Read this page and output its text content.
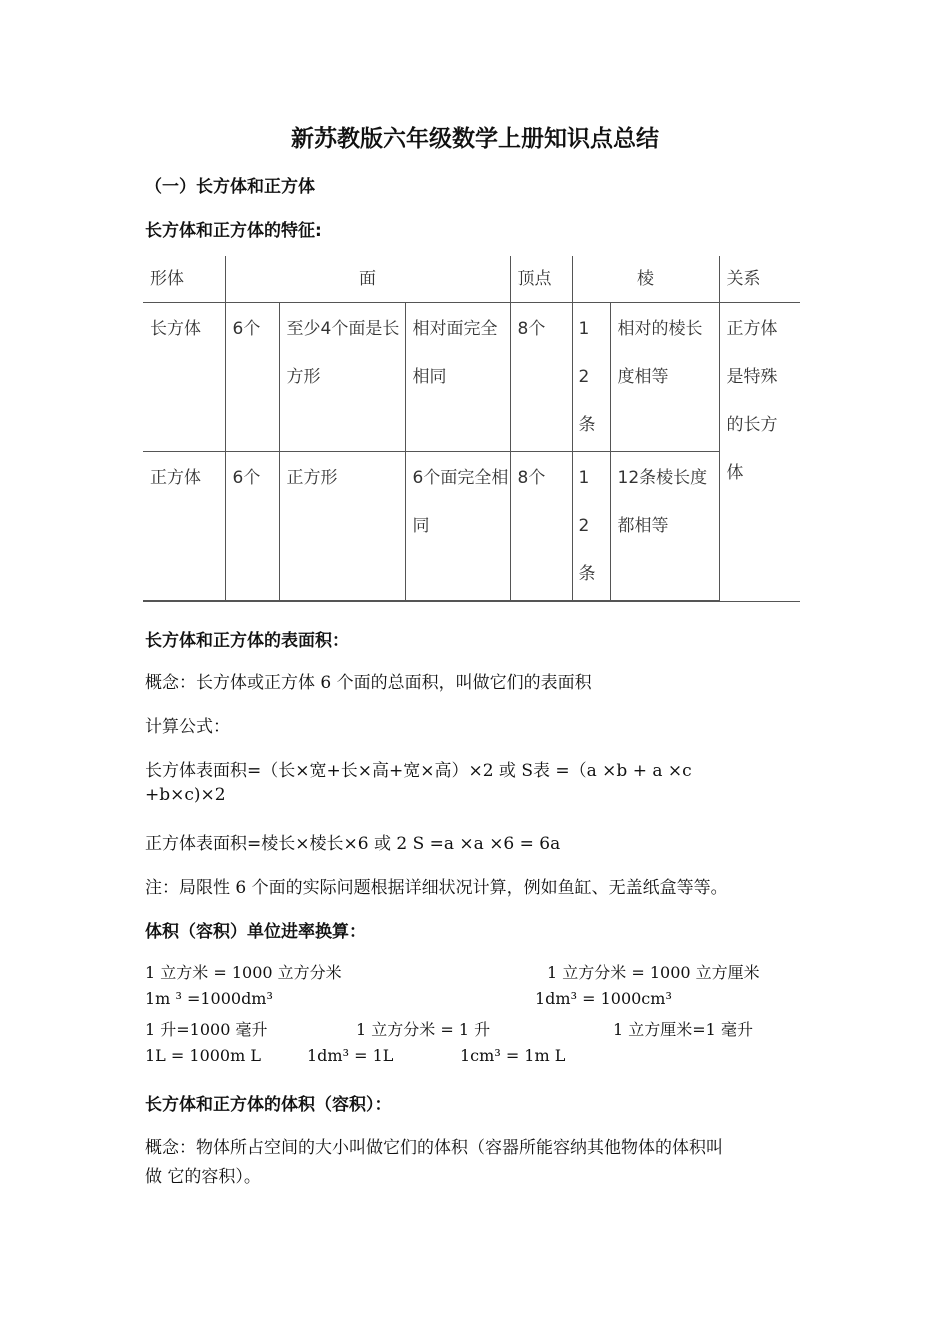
新苏教版六年级数学上册知识点总结
（一）长方体和正方体
长方体和正方体的特征:
形体	面			顶点	棱		关系
长方体	6个	至少4个面是长方形	相对面完全相同	8个	12条	相对的棱长度相等	正方体是特殊的长方体
正方体	6个	正方形	6个面完全相同	8个	12条	12条棱长度都相等	
长方体和正方体的表面积：
概念：长方体或正方体 6 个面的总面积，叫做它们的表面积
计算公式：
长方体表面积=（长×宽+长×高+宽×高）×2 或 S表 =（a ×b + a ×c
+b×c)×2
正方体表面积=棱长×棱长×6 或 2 S =a ×a ×6 = 6a
注：局限性 6 个面的实际问题根据详细状况计算，例如鱼缸、无盖纸盒等等。
体积（容积）单位进率换算：
1 立方米 = 1000 立方分米	1 立方分米 = 1000 立方厘米
1m ³ =1000dm³	1dm³ = 1000cm³
1 升=1000 毫升	1 立方分米 = 1 升	1 立方厘米=1 毫升
1L = 1000m L	1dm³ = 1L	1cm³ = 1m L
长方体和正方体的体积（容积）：
概念：物体所占空间的大小叫做它们的体积（容器所能容纳其他物体的体积叫
做 它的容积）。
